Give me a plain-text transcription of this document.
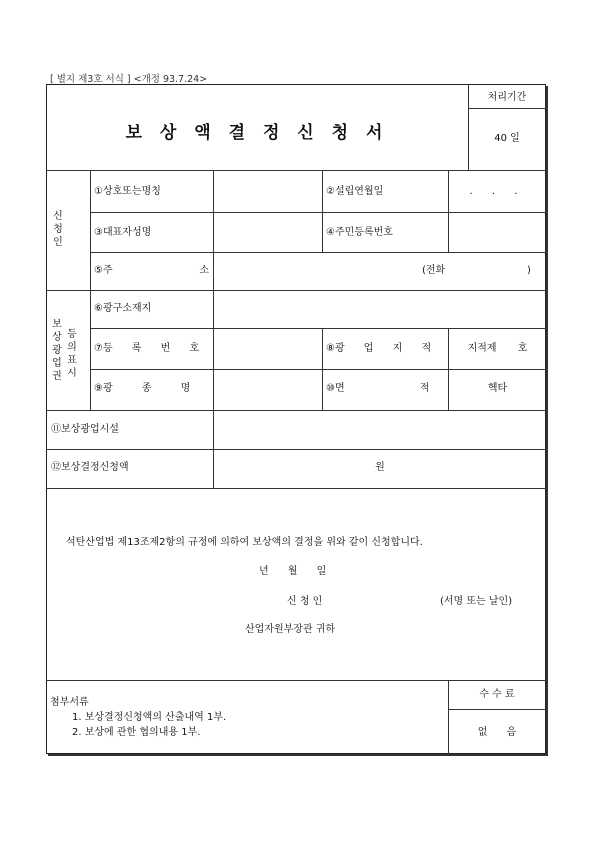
[ 별지 제3호 서식 ] <개정 93.7.24>
처리기간
40 일
보 상 액 결 정 신 청 서
신청인
①상호또는명칭	②설립연월일	. . .
③대표자성명	④주민등록번호
⑤주	소	(전화	)
보상광업권
등의표시
⑥광구소재지
⑦등 록 번 호	⑧광 업 지 적	지적제 호
⑨광 종 명	⑩면 적	헥타
⑪보상광업시설
⑫보상결정신청액	원
석탄산업법 제13조제2항의 규정에 의하여 보상액의 결정을 위와 같이 신청합니다.
년 월 일
신 청 인	(서명 또는 날인)
산업자원부장관 귀하
첨부서류
1. 보상결정신청액의 산출내역 1부.
2. 보상에 관한 협의내용 1부.
수 수 료
없 음
